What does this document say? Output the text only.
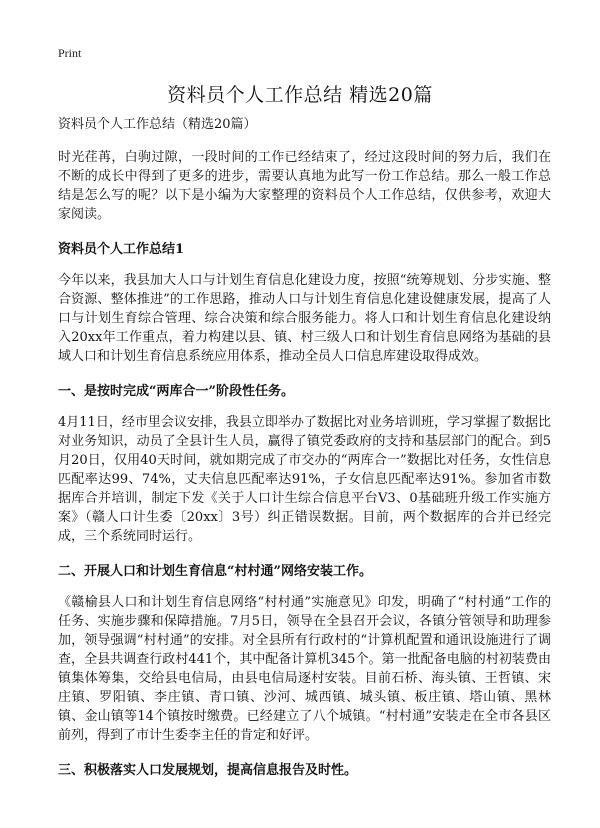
Print
资料员个人工作总结 精选20篇

资料员个人工作总结（精选20篇）

时光荏苒，白驹过隙，一段时间的工作已经结束了，经过这段时间的努力后，我们在不断的成长中得到了更多的进步，需要认真地为此写一份工作总结。那么一般工作总结是怎么写的呢？以下是小编为大家整理的资料员个人工作总结，仅供参考，欢迎大家阅读。

资料员个人工作总结1

今年以来，我县加大人口与计划生育信息化建设力度，按照“统筹规划、分步实施、整合资源、整体推进”的工作思路，推动人口与计划生育信息化建设健康发展，提高了人口与计划生育综合管理、综合决策和综合服务能力。将人口和计划生育信息化建设纳入20xx年工作重点，着力构建以县、镇、村三级人口和计划生育信息网络为基础的县域人口和计划生育信息系统应用体系，推动全员人口信息库建设取得成效。

一、是按时完成“两库合一”阶段性任务。

4月11日，经市里会议安排，我县立即举办了数据比对业务培训班，学习掌握了数据比对业务知识，动员了全县计生人员，赢得了镇党委政府的支持和基层部门的配合。到5月20日，仅用40天时间，就如期完成了市交办的“两库合一”数据比对任务，女性信息匹配率达99、74%，丈夫信息匹配率达91%，子女信息匹配率达91%。参加省市数据库合并培训，制定下发《关于人口计生综合信息平台V3、0基础班升级工作实施方案》（赣人口计生委〔20xx〕3号）纠正错误数据。目前，两个数据库的合并已经完成，三个系统同时运行。

二、开展人口和计划生育信息“村村通”网络安装工作。

《赣榆县人口和计划生育信息网络“村村通”实施意见》印发，明确了“村村通”工作的任务、实施步骤和保障措施。7月5日，领导在全县召开会议，各镇分管领导和助理参加，领导强调“村村通”的安排。对全县所有行政村的“计算机配置和通讯设施进行了调查，全县共调查行政村441个，其中配备计算机345个。第一批配备电脑的村初装费由镇集体筹集，交给县电信局，由县电信局逐村安装。目前石桥、海头镇、王哲镇、宋庄镇、罗阳镇、李庄镇、青口镇、沙河、城西镇、城头镇、板庄镇、塔山镇、黑林镇、金山镇等14个镇按时缴费。已经建立了八个城镇。“村村通”安装走在全市各县区前列，得到了市计生委李主任的肯定和好评。

三、积极落实人口发展规划，提高信息报告及时性。
